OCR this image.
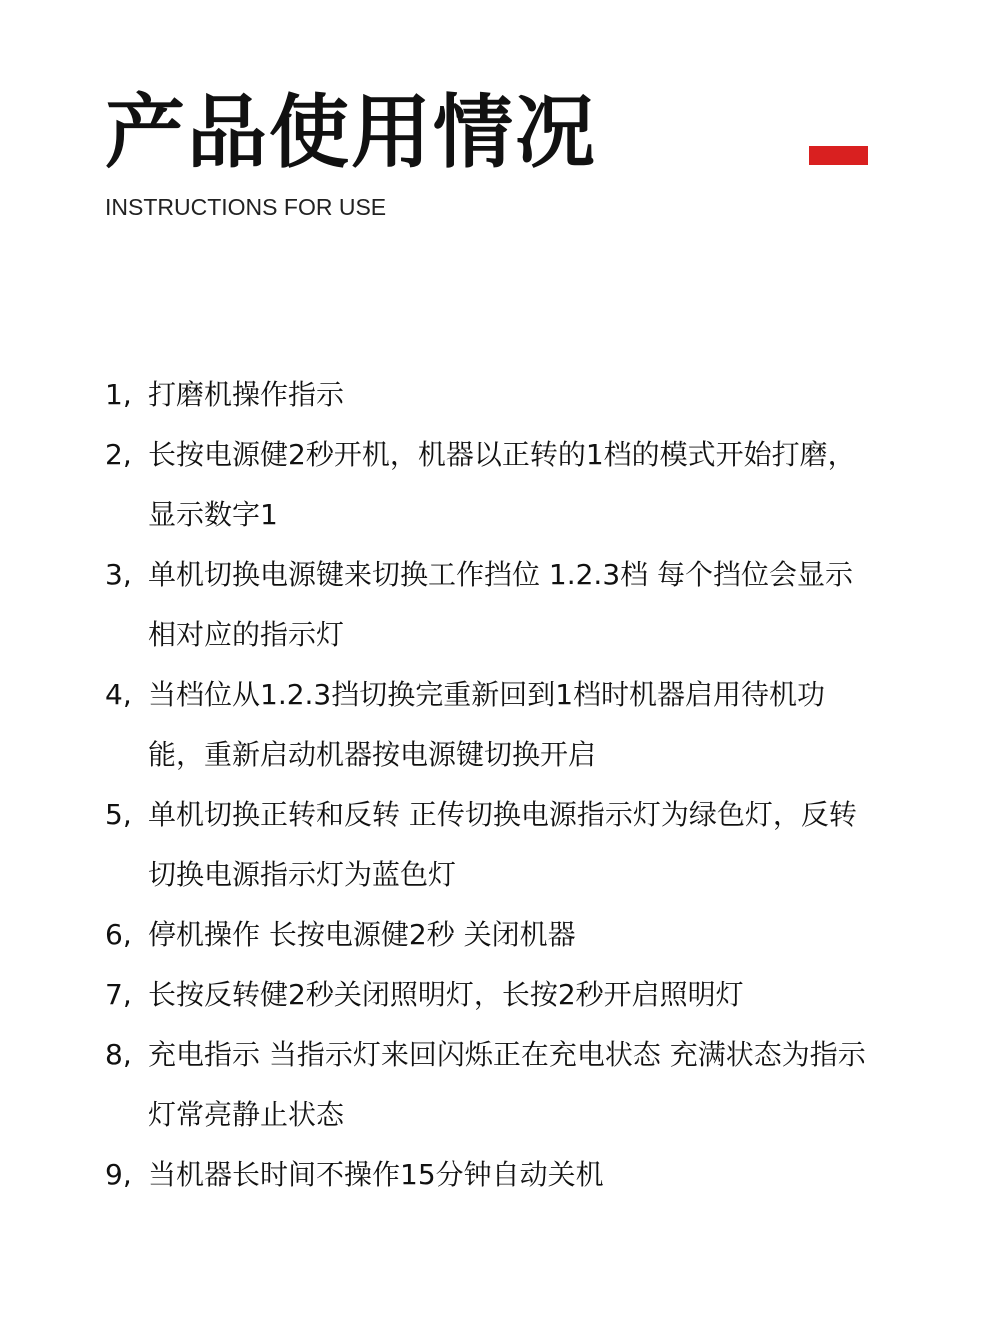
产品使用情况
INSTRUCTIONS FOR USE
1, 打磨机操作指示
2, 长按电源健2秒开机，机器以正转的1档的模式开始打磨，显示数字1
3, 单机切换电源键来切换工作挡位 1.2.3档 每个挡位会显示相对应的指示灯
4, 当档位从1.2.3挡切换完重新回到1档时机器启用待机功能，重新启动机器按电源键切换开启
5, 单机切换正转和反转 正传切换电源指示灯为绿色灯，反转切换电源指示灯为蓝色灯
6, 停机操作 长按电源健2秒 关闭机器
7, 长按反转健2秒关闭照明灯，长按2秒开启照明灯
8, 充电指示 当指示灯来回闪烁正在充电状态 充满状态为指示灯常亮静止状态
9, 当机器长时间不操作15分钟自动关机
